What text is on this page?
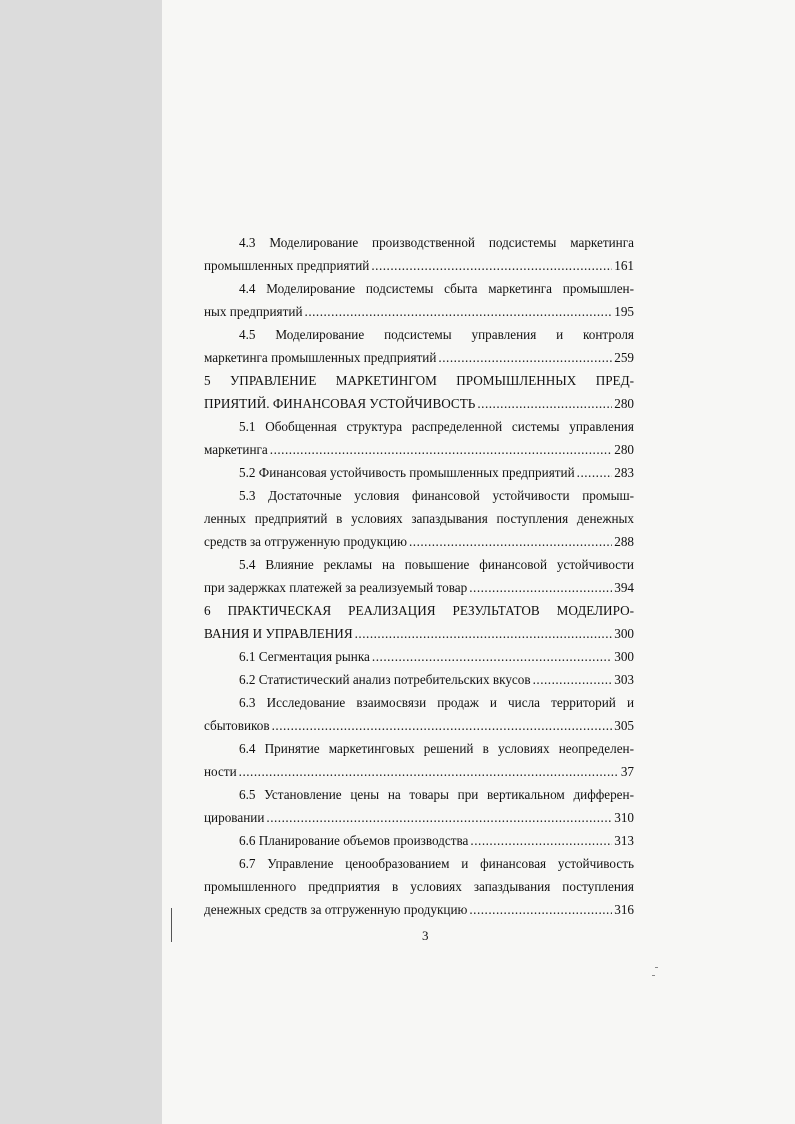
4.3 Моделирование производственной подсистемы маркетинга
промышленных предприятий .....	161
4.4 Моделирование подсистемы сбыта маркетинга промышлен-
ных предприятий .....	195
4.5 Моделирование подсистемы управления и контроля
маркетинга промышленных предприятий .....	259
5 УПРАВЛЕНИЕ МАРКЕТИНГОМ ПРОМЫШЛЕННЫХ ПРЕД-
ПРИЯТИЙ. ФИНАНСОВАЯ УСТОЙЧИВОСТЬ .....	280
5.1 Обобщенная структура распределенной системы управления
маркетинга .....	280
5.2 Финансовая устойчивость промышленных предприятий .....	283
5.3 Достаточные условия финансовой устойчивости промыш-
ленных предприятий в условиях запаздывания поступления денежных
средств за отгруженную продукцию .....	288
5.4 Влияние рекламы на повышение финансовой устойчивости
при задержках платежей за реализуемый товар .....	394
6 ПРАКТИЧЕСКАЯ РЕАЛИЗАЦИЯ РЕЗУЛЬТАТОВ МОДЕЛИРО-
ВАНИЯ И УПРАВЛЕНИЯ .....	300
6.1 Сегментация рынка .....	300
6.2 Статистический анализ потребительских вкусов .....	303
6.3 Исследование взаимосвязи продаж и числа территорий и
сбытовиков .....	305
6.4 Принятие маркетинговых решений в условиях неопределен-
ности .....	37
6.5 Установление цены на товары при вертикальном дифферен-
цировании .....	310
6.6 Планирование объемов производства .....	313
6.7 Управление ценообразованием и финансовая устойчивость
промышленного предприятия в условиях запаздывания поступления
денежных средств за отгруженную продукцию .....	316
3
